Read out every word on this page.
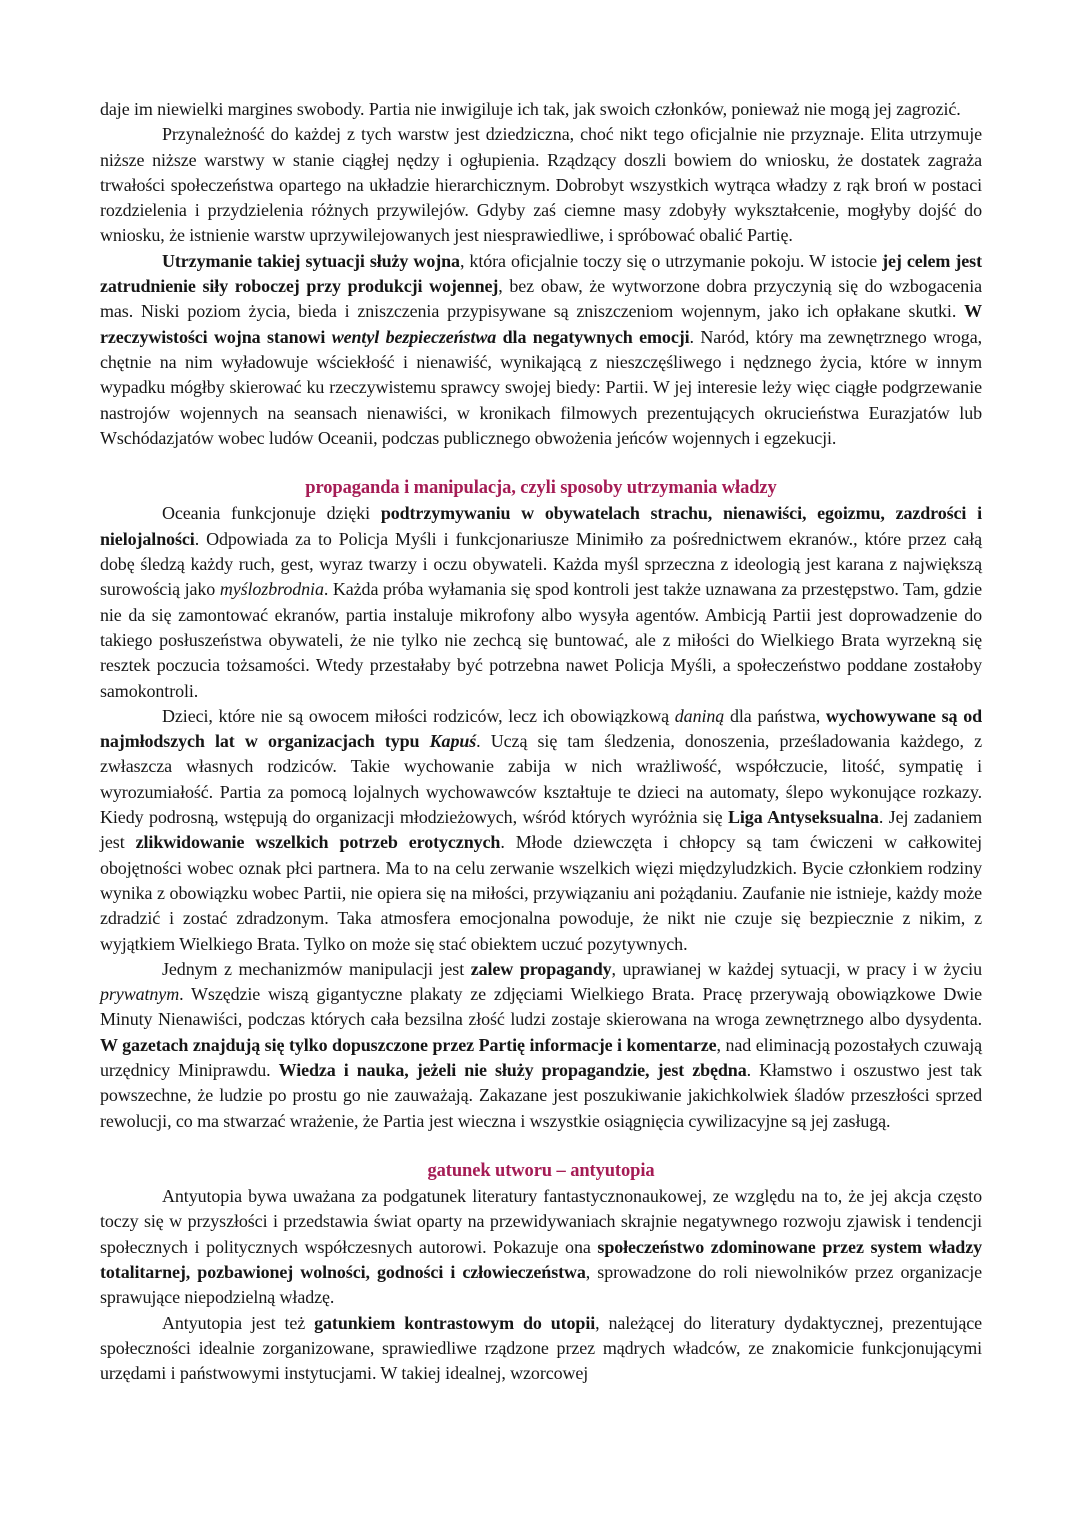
daje im niewielki margines swobody. Partia nie inwigiluje ich tak, jak swoich członków, ponieważ nie mogą jej zagrozić.

Przynależność do każdej z tych warstw jest dziedziczna, choć nikt tego oficjalnie nie przyznaje. Elita utrzymuje niższe niższe warstwy w stanie ciągłej nędzy i ogłupienia. Rządzący doszli bowiem do wniosku, że dostatek zagraża trwałości społeczeństwa opartego na układzie hierarchicznym. Dobrobyt wszystkich wytrąca władzy z rąk broń w postaci rozdzielenia i przydzielenia różnych przywilejów. Gdyby zaś ciemne masy zdobyły wykształcenie, mogłyby dojść do wniosku, że istnienie warstw uprzywilejowanych jest niesprawiedliwe, i spróbować obalić Partię.

Utrzymanie takiej sytuacji służy wojna, która oficjalnie toczy się o utrzymanie pokoju. W istocie jej celem jest zatrudnienie siły roboczej przy produkcji wojennej, bez obaw, że wytworzone dobra przyczynią się do wzbogacenia mas. Niski poziom życia, bieda i zniszczenia przypisywane są zniszczeniom wojennym, jako ich opłakane skutki. W rzeczywistości wojna stanowi wentyl bezpieczeństwa dla negatywnych emocji. Naród, który ma zewnętrznego wroga, chętnie na nim wyładowuje wściekłość i nienawiść, wynikającą z nieszczęśliwego i nędznego życia, które w innym wypadku mógłby skierować ku rzeczywistemu sprawcy swojej biedy: Partii. W jej interesie leży więc ciągłe podgrzewanie nastrojów wojennych na seansach nienawiści, w kronikach filmowych prezentujących okrucieństwa Eurazjatów lub Wschódazjatów wobec ludów Oceanii, podczas publicznego obwożenia jeńców wojennych i egzekucji.

propaganda i manipulacja, czyli sposoby utrzymania władzy

Oceania funkcjonuje dzięki podtrzymywaniu w obywatelach strachu, nienawiści, egoizmu, zazdrości i nielojalności. Odpowiada za to Policja Myśli i funkcjonariusze Minimiło za pośrednictwem ekranów., które przez całą dobę śledzą każdy ruch, gest, wyraz twarzy i oczu obywateli. Każda myśl sprzeczna z ideologią jest karana z największą surowością jako myślozbrodnia. Każda próba wyłamania się spod kontroli jest także uznawana za przestępstwo. Tam, gdzie nie da się zamontować ekranów, partia instaluje mikrofony albo wysyła agentów. Ambicją Partii jest doprowadzenie do takiego posłuszeństwa obywateli, że nie tylko nie zechcą się buntować, ale z miłości do Wielkiego Brata wyrzekną się resztek poczucia tożsamości. Wtedy przestałaby być potrzebna nawet Policja Myśli, a społeczeństwo poddane zostałoby samokontroli.

Dzieci, które nie są owocem miłości rodziców, lecz ich obowiązkową daniną dla państwa, wychowywane są od najmłodszych lat w organizacjach typu Kapuś. Uczą się tam śledzenia, donoszenia, prześladowania każdego, z zwłaszcza własnych rodziców. Takie wychowanie zabija w nich wrażliwość, współczucie, litość, sympatię i wyrozumiałość. Partia za pomocą lojalnych wychowawców kształtuje te dzieci na automaty, ślepo wykonujące rozkazy. Kiedy podrosną, wstępują do organizacji młodzieżowych, wśród których wyróżnia się Liga Antyseksualna. Jej zadaniem jest zlikwidowanie wszelkich potrzeb erotycznych. Młode dziewczęta i chłopcy są tam ćwiczeni w całkowitej obojętności wobec oznak płci partnera. Ma to na celu zerwanie wszelkich więzi międzyludzkich. Bycie członkiem rodziny wynika z obowiązku wobec Partii, nie opiera się na miłości, przywiązaniu ani pożądaniu. Zaufanie nie istnieje, każdy może zdradzić i zostać zdradzonym. Taka atmosfera emocjonalna powoduje, że nikt nie czuje się bezpiecznie z nikim, z wyjątkiem Wielkiego Brata. Tylko on może się stać obiektem uczuć pozytywnych.

Jednym z mechanizmów manipulacji jest zalew propagandy, uprawianej w każdej sytuacji, w pracy i w życiu prywatnym. Wszędzie wiszą gigantyczne plakaty ze zdjęciami Wielkiego Brata. Pracę przerywają obowiązkowe Dwie Minuty Nienawiści, podczas których cała bezsilna złość ludzi zostaje skierowana na wroga zewnętrznego albo dysydenta. W gazetach znajdują się tylko dopuszczone przez Partię informacje i komentarze, nad eliminacją pozostałych czuwają urzędnicy Miniprawdu. Wiedza i nauka, jeżeli nie służy propagandzie, jest zbędna. Kłamstwo i oszustwo jest tak powszechne, że ludzie po prostu go nie zauważają. Zakazane jest poszukiwanie jakichkolwiek śladów przeszłości sprzed rewolucji, co ma stwarzać wrażenie, że Partia jest wieczna i wszystkie osiągnięcia cywilizacyjne są jej zasługą.

gatunek utworu – antyutopia

Antyutopia bywa uważana za podgatunek literatury fantastycznonaukowej, ze względu na to, że jej akcja często toczy się w przyszłości i przedstawia świat oparty na przewidywaniach skrajnie negatywnego rozwoju zjawisk i tendencji społecznych i politycznych współczesnych autorowi. Pokazuje ona społeczeństwo zdominowane przez system władzy totalitarnej, pozbawionej wolności, godności i człowieczeństwa, sprowadzone do roli niewolników przez organizacje sprawujące niepodzielną władzę.

Antyutopia jest też gatunkiem kontrastowym do utopii, należącej do literatury dydaktycznej, prezentujące społeczności idealnie zorganizowane, sprawiedliwe rządzone przez mądrych władców, ze znakomicie funkcjonującymi urzędami i państwowymi instytucjami. W takiej idealnej, wzorcowej
